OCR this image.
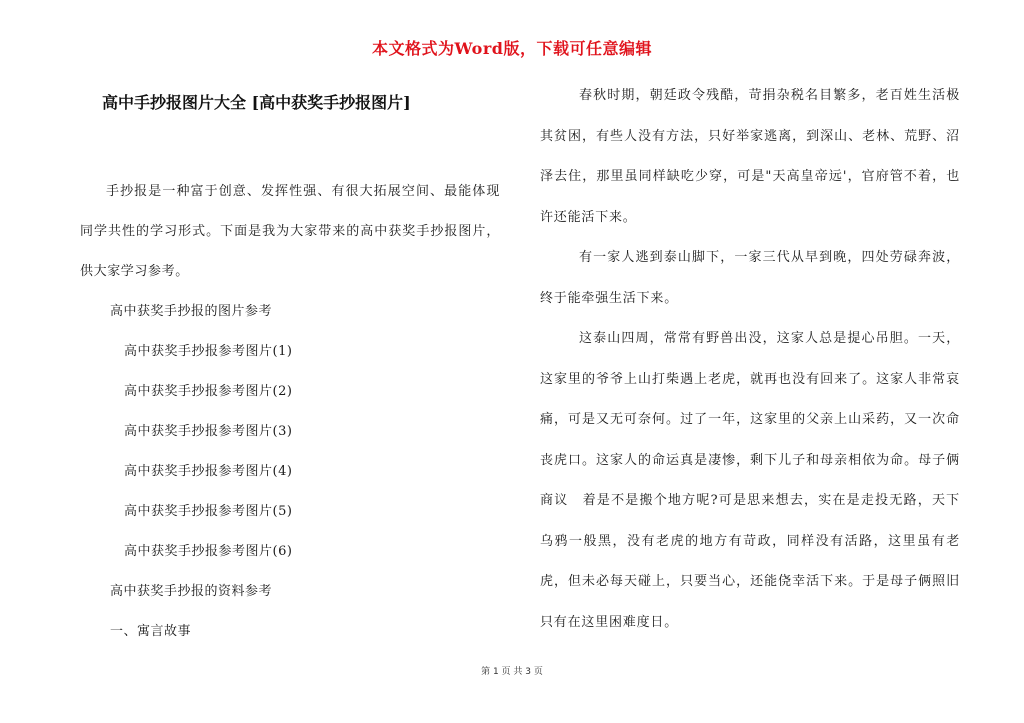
本文格式为Word版，下载可任意编辑
高中手抄报图片大全 [高中获奖手抄报图片]

手抄报是一种富于创意、发挥性强、有很大拓展空间、最能体现同学共性的学习形式。下面是我为大家带来的高中获奖手抄报图片，供大家学习参考。

高中获奖手抄报的图片参考

高中获奖手抄报参考图片(1)

高中获奖手抄报参考图片(2)

高中获奖手抄报参考图片(3)

高中获奖手抄报参考图片(4)

高中获奖手抄报参考图片(5)

高中获奖手抄报参考图片(6)

高中获奖手抄报的资料参考

一、寓言故事

春秋时期，朝廷政令残酷，苛捐杂税名目繁多，老百姓生活极其贫困，有些人没有方法，只好举家逃离，到深山、老林、荒野、沼泽去住，那里虽同样缺吃少穿，可是"天高皇帝远'，官府管不着，也许还能活下来。

有一家人逃到泰山脚下，一家三代从早到晚，四处劳碌奔波，终于能牵强生活下来。

这泰山四周，常常有野兽出没，这家人总是提心吊胆。一天，这家里的爷爷上山打柴遇上老虎，就再也没有回来了。这家人非常哀痛，可是又无可奈何。过了一年，这家里的父亲上山采药，又一次命丧虎口。这家人的命运真是凄惨，剩下儿子和母亲相依为命。母子俩商议　着是不是搬个地方呢?可是思来想去，实在是走投无路，天下乌鸦一般黑，没有老虎的地方有苛政，同样没有活路，这里虽有老虎，但未必每天碰上，只要当心，还能侥幸活下来。于是母子俩照旧只有在这里困难度日。

第 1 页 共 3 页
